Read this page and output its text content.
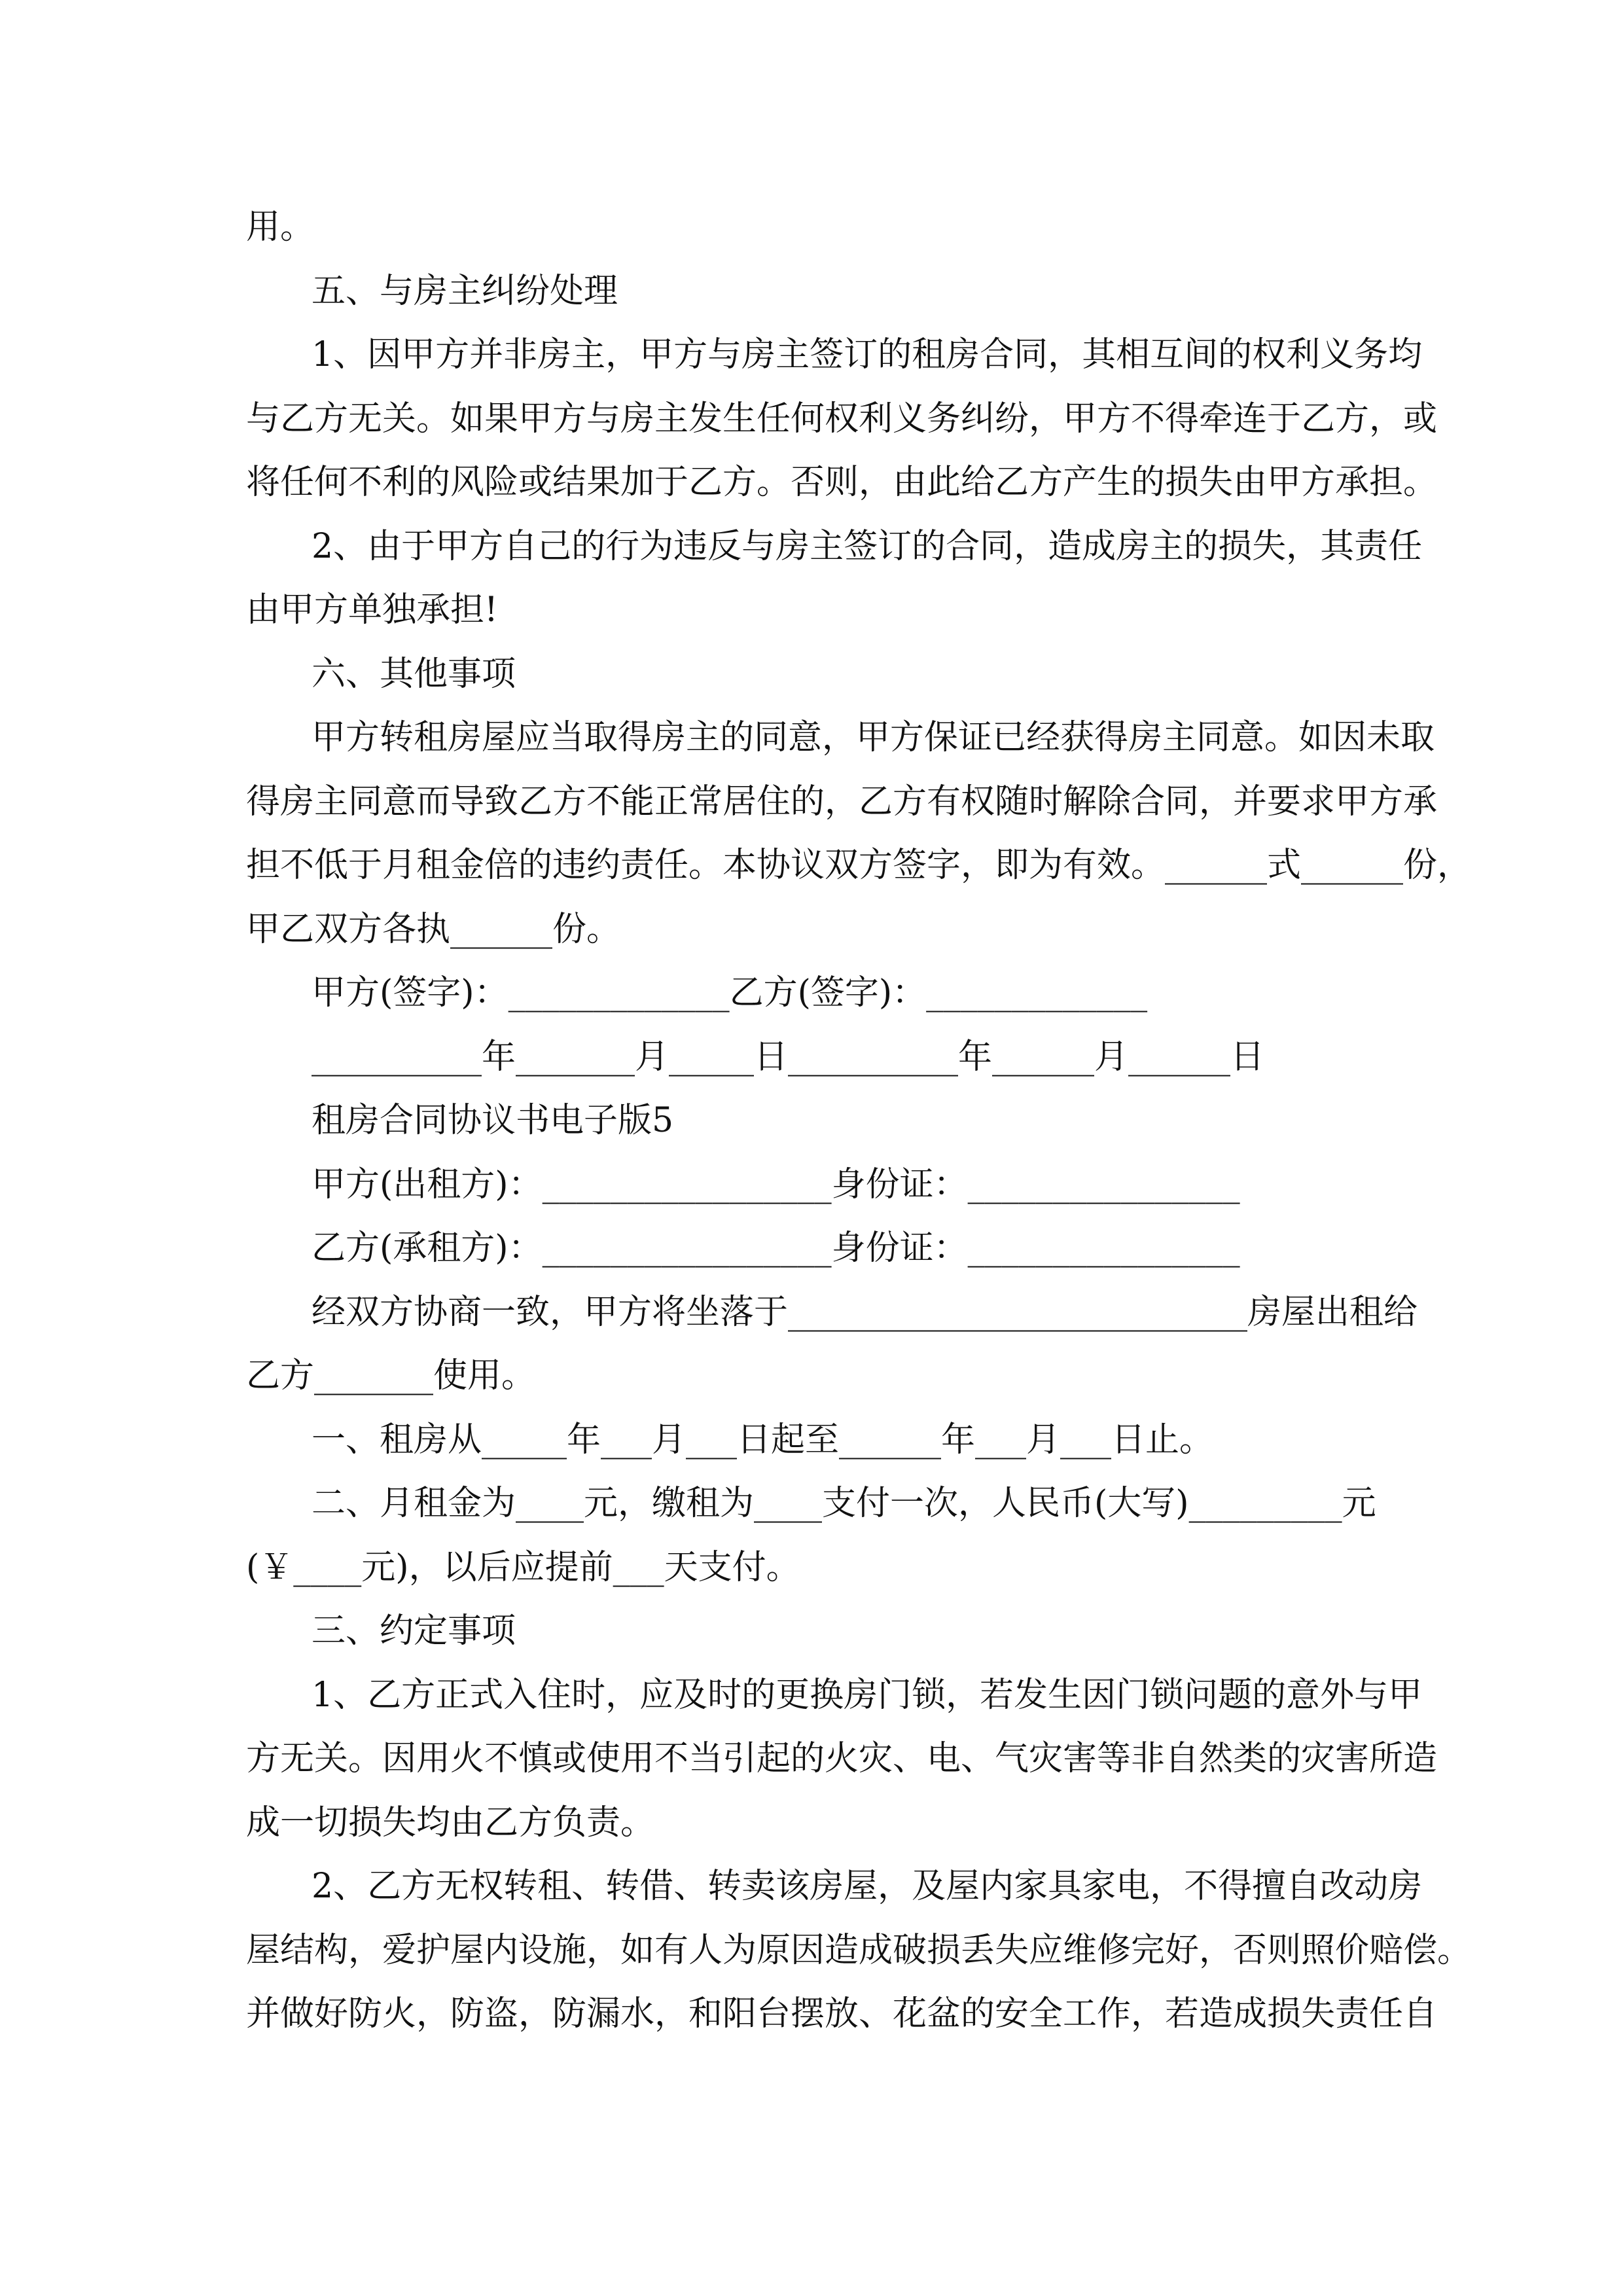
用。
五、与房主纠纷处理
1、因甲方并非房主，甲方与房主签订的租房合同，其相互间的权利义务均
与乙方无关。如果甲方与房主发生任何权利义务纠纷，甲方不得牵连于乙方，或
将任何不利的风险或结果加于乙方。否则，由此给乙方产生的损失由甲方承担。
2、由于甲方自己的行为违反与房主签订的合同，造成房主的损失，其责任
由甲方单独承担!
六、其他事项
甲方转租房屋应当取得房主的同意，甲方保证已经获得房主同意。如因未取
得房主同意而导致乙方不能正常居住的，乙方有权随时解除合同，并要求甲方承
担不低于月租金倍的违约责任。本协议双方签字，即为有效。______式______份，
甲乙双方各执______份。
甲方(签字)：_____________乙方(签字)：_____________
__________年_______月_____日__________年______月______日
租房合同协议书电子版5
甲方(出租方)：_________________身份证：________________
乙方(承租方)：_________________身份证：________________
经双方协商一致，甲方将坐落于___________________________房屋出租给
乙方_______使用。
一、租房从_____年___月___日起至______年___月___日止。
二、月租金为____元，缴租为____支付一次，人民币(大写)_________元
(￥____元)，以后应提前___天支付。
三、约定事项
1、乙方正式入住时，应及时的更换房门锁，若发生因门锁问题的意外与甲
方无关。因用火不慎或使用不当引起的火灾、电、气灾害等非自然类的灾害所造
成一切损失均由乙方负责。
2、乙方无权转租、转借、转卖该房屋，及屋内家具家电，不得擅自改动房
屋结构，爱护屋内设施，如有人为原因造成破损丢失应维修完好，否则照价赔偿。
并做好防火，防盗，防漏水，和阳台摆放、花盆的安全工作，若造成损失责任自
